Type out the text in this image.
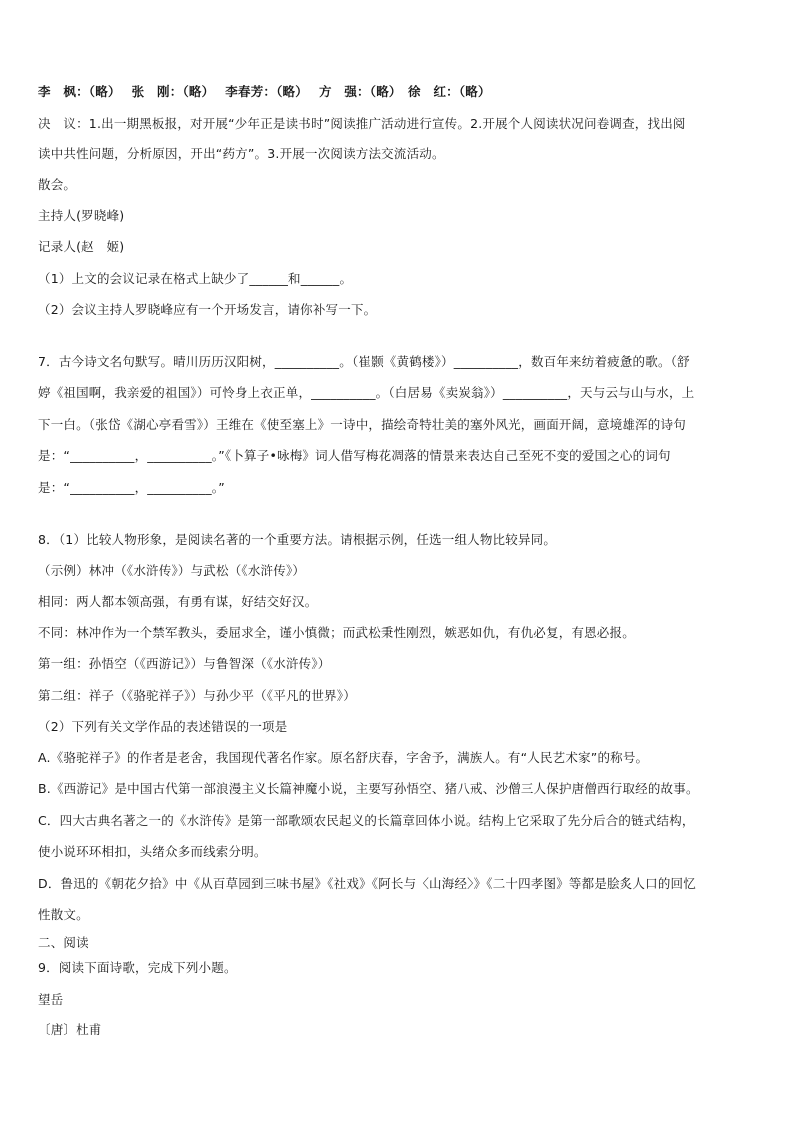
李　枫：（略）　 张　刚：（略）　 李春芳：（略）　 方　强：（略）　徐　红：（略）
决　议：1.出一期黑板报，对开展“少年正是读书时”阅读推广活动进行宣传。2.开展个人阅读状况问卷调查，找出阅
读中共性问题，分析原因，开出“药方”。3.开展一次阅读方法交流活动。
散会。
主持人(罗晓峰)
记录人(赵　姬)
（1）上文的会议记录在格式上缺少了______和______。
（2）会议主持人罗晓峰应有一个开场发言，请你补写一下。
7．古今诗文名句默写。晴川历历汉阳树，__________。（崔颢《黄鹤楼》）__________，数百年来纺着疲惫的歌。（舒
婷《祖国啊，我亲爱的祖国》）可怜身上衣正单，__________。（白居易《卖炭翁》）__________，天与云与山与水，上
下一白。（张岱《湖心亭看雪》）王维在《使至塞上》一诗中，描绘奇特壮美的塞外风光，画面开阔，意境雄浑的诗句
是：“__________，__________。”《卜算子•咏梅》词人借写梅花凋落的情景来表达自己至死不变的爱国之心的词句
是：“__________，__________。”
8．（1）比较人物形象，是阅读名著的一个重要方法。请根据示例，任选一组人物比较异同。
（示例）林冲（《水浒传》）与武松（《水浒传》）
相同：两人都本领高强，有勇有谋，好结交好汉。
不同：林冲作为一个禁军教头，委屈求全，谨小慎微；而武松秉性刚烈，嫉恶如仇，有仇必复，有恩必报。
第一组：孙悟空（《西游记》）与鲁智深（《水浒传》）
第二组：祥子（《骆驼祥子》）与孙少平（《平凡的世界》）
（2）下列有关文学作品的表述错误的一项是
A.《骆驼祥子》的作者是老舍，我国现代著名作家。原名舒庆春，字舍予，满族人。有“人民艺术家”的称号。
B.《西游记》是中国古代第一部浪漫主义长篇神魔小说，主要写孙悟空、猪八戒、沙僧三人保护唐僧西行取经的故事。
C．四大古典名著之一的《水浒传》是第一部歌颂农民起义的长篇章回体小说。结构上它采取了先分后合的链式结构，
使小说环环相扣，头绪众多而线索分明。
D．鲁迅的《朝花夕拾》中《从百草园到三味书屋》《社戏》《阿长与〈山海经〉》《二十四孝图》等都是脍炙人口的回忆
性散文。
二、阅读
9．阅读下面诗歌，完成下列小题。
望岳
〔唐〕杜甫
